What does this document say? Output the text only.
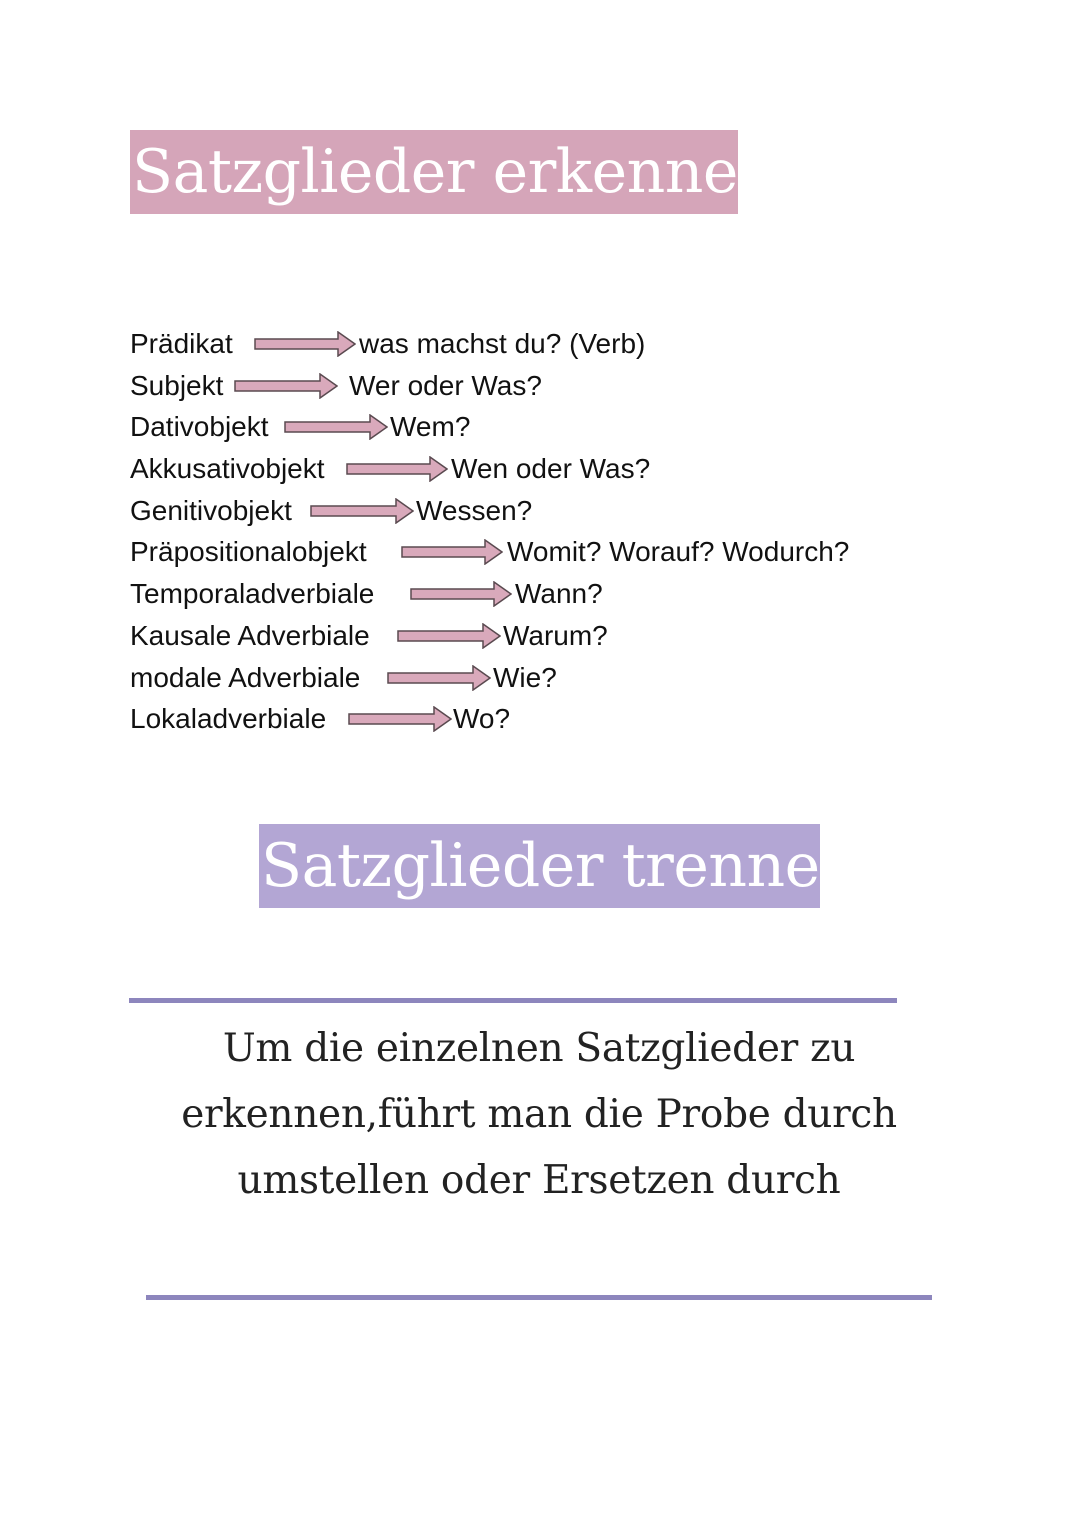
Satzglieder erkennen
Prädikat	was machst du? (Verb)
Subjekt	Wer oder Was?
Dativobjekt	Wem?
Akkusativobjekt	Wen oder Was?
Genitivobjekt	Wessen?
Präpositionalobjekt	Womit? Worauf? Wodurch?
Temporaladverbiale	Wann?
Kausale Adverbiale	Warum?
modale Adverbiale	Wie?
Lokaladverbiale	Wo?
Satzglieder trennen
Um die einzelnen Satzglieder zu
erkennen,führt man die Probe durch
umstellen oder Ersetzen durch
